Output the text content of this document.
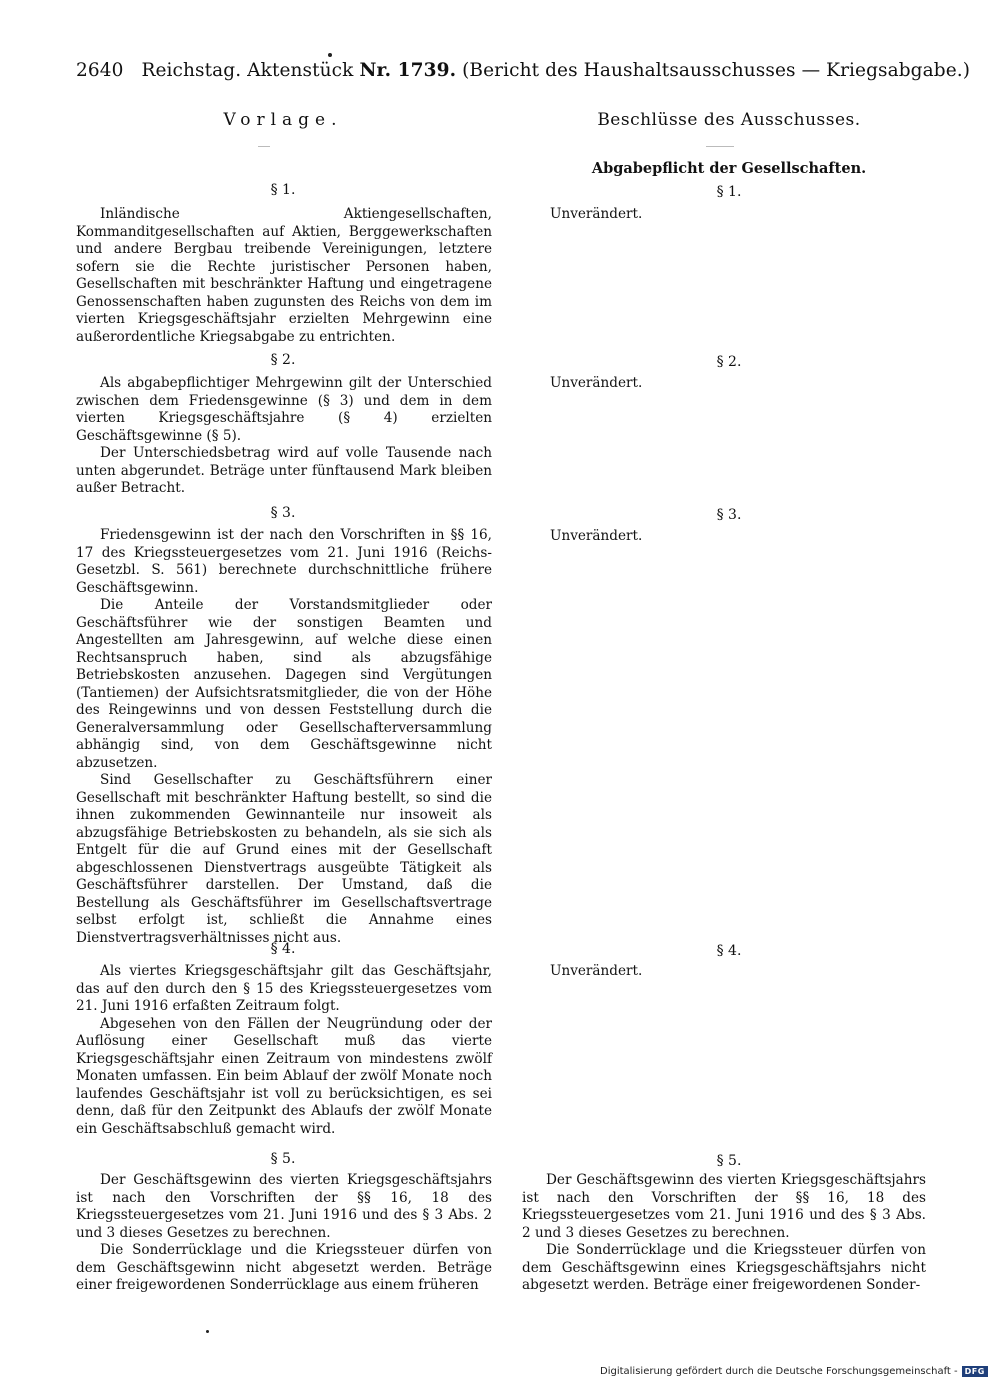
2640 Reichstag. Aktenstück Nr. 1739. (Bericht des Haushaltsausschusses — Kriegsabgabe.)
Vorlage.	Beschlüsse des Ausschusses.
Abgabepflicht der Gesellschaften.
§ 1.	§ 1.

Inländische Aktiengesellschaften, Kommanditgesellschaften auf Aktien, Berggewerkschaften und andere Bergbau treibende Vereinigungen, letztere sofern sie die Rechte juristischer Personen haben, Gesellschaften mit beschränkter Haftung und eingetragene Genossenschaften haben zugunsten des Reichs von dem im vierten Kriegsgeschäftsjahr erzielten Mehrgewinn eine außerordentliche Kriegsabgabe zu entrichten.

Unverändert.
§ 2.	§ 2.

Als abgabepflichtiger Mehrgewinn gilt der Unterschied zwischen dem Friedensgewinne (§ 3) und dem in dem vierten Kriegsgeschäftsjahre (§ 4) erzielten Geschäftsgewinne (§ 5).

Der Unterschiedsbetrag wird auf volle Tausende nach unten abgerundet. Beträge unter fünftausend Mark bleiben außer Betracht.

Unverändert.
§ 3.	§ 3.

Friedensgewinn ist der nach den Vorschriften in §§ 16, 17 des Kriegssteuergesetzes vom 21. Juni 1916 (Reichs-Gesetzbl. S. 561) berechnete durchschnittliche frühere Geschäftsgewinn.

Die Anteile der Vorstandsmitglieder oder Geschäftsführer wie der sonstigen Beamten und Angestellten am Jahresgewinn, auf welche diese einen Rechtsanspruch haben, sind als abzugsfähige Betriebskosten anzusehen. Dagegen sind Vergütungen (Tantiemen) der Aufsichtsratsmitglieder, die von der Höhe des Reingewinns und von dessen Feststellung durch die Generalversammlung oder Gesellschafterversammlung abhängig sind, von dem Geschäftsgewinne nicht abzusetzen.

Sind Gesellschafter zu Geschäftsführern einer Gesellschaft mit beschränkter Haftung bestellt, so sind die ihnen zukommenden Gewinnanteile nur insoweit als abzugsfähige Betriebskosten zu behandeln, als sie sich als Entgelt für die auf Grund eines mit der Gesellschaft abgeschlossenen Dienstvertrags ausgeübte Tätigkeit als Geschäftsführer darstellen. Der Umstand, daß die Bestellung als Geschäftsführer im Gesellschaftsvertrage selbst erfolgt ist, schließt die Annahme eines Dienstvertragsverhältnisses nicht aus.

Unverändert.
§ 4.	§ 4.

Als viertes Kriegsgeschäftsjahr gilt das Geschäftsjahr, das auf den durch den § 15 des Kriegssteuergesetzes vom 21. Juni 1916 erfaßten Zeitraum folgt.

Abgesehen von den Fällen der Neugründung oder der Auflösung einer Gesellschaft muß das vierte Kriegsgeschäftsjahr einen Zeitraum von mindestens zwölf Monaten umfassen. Ein beim Ablauf der zwölf Monate noch laufendes Geschäftsjahr ist voll zu berücksichtigen, es sei denn, daß für den Zeitpunkt des Ablaufs der zwölf Monate ein Geschäftsabschluß gemacht wird.

Unverändert.
§ 5.	§ 5.

Der Geschäftsgewinn des vierten Kriegsgeschäftsjahrs ist nach den Vorschriften der §§ 16, 18 des Kriegssteuergesetzes vom 21. Juni 1916 und des § 3 Abs. 2 und 3 dieses Gesetzes zu berechnen.

Die Sonderrücklage und die Kriegssteuer dürfen von dem Geschäftsgewinn nicht abgesetzt werden. Beträge einer freigewordenen Sonderrücklage aus einem früheren

Der Geschäftsgewinn des vierten Kriegsgeschäftsjahrs ist nach den Vorschriften der §§ 16, 18 des Kriegssteuergesetzes vom 21. Juni 1916 und des § 3 Abs. 2 und 3 dieses Gesetzes zu berechnen.

Die Sonderrücklage und die Kriegssteuer dürfen von dem Geschäftsgewinn eines Kriegsgeschäftsjahrs nicht abgesetzt werden. Beträge einer freigewordenen Sonder-

Digitalisierung gefördert durch die Deutsche Forschungsgemeinschaft - DFG
